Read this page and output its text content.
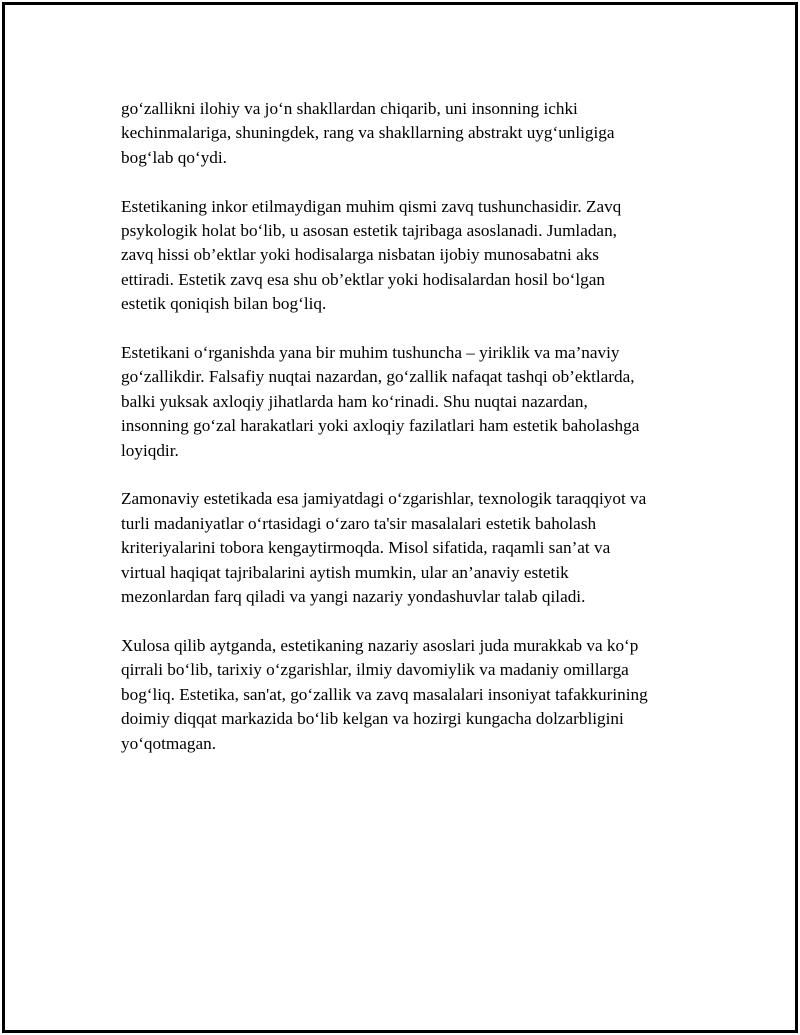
go‘zallikni ilohiy va jo‘n shakllardan chiqarib, uni insonning ichki
kechinmalariga, shuningdek, rang va shakllarning abstrakt uyg‘unligiga
bog‘lab qo‘ydi.

Estetikaning inkor etilmaydigan muhim qismi zavq tushunchasidir. Zavq
psykologik holat bo‘lib, u asosan estetik tajribaga asoslanadi. Jumladan,
zavq hissi ob’ektlar yoki hodisalarga nisbatan ijobiy munosabatni aks
ettiradi. Estetik zavq esa shu ob’ektlar yoki hodisalardan hosil bo‘lgan
estetik qoniqish bilan bog‘liq.

Estetikani o‘rganishda yana bir muhim tushuncha – yiriklik va ma’naviy
go‘zallikdir. Falsafiy nuqtai nazardan, go‘zallik nafaqat tashqi ob’ektlarda,
balki yuksak axloqiy jihatlarda ham ko‘rinadi. Shu nuqtai nazardan,
insonning go‘zal harakatlari yoki axloqiy fazilatlari ham estetik baholashga
loyiqdir.

Zamonaviy estetikada esa jamiyatdagi o‘zgarishlar, texnologik taraqqiyot va
turli madaniyatlar o‘rtasidagi o‘zaro ta'sir masalalari estetik baholash
kriteriyalarini tobora kengaytirmoqda. Misol sifatida, raqamli san’at va
virtual haqiqat tajribalarini aytish mumkin, ular an’anaviy estetik
mezonlardan farq qiladi va yangi nazariy yondashuvlar talab qiladi.

Xulosa qilib aytganda, estetikaning nazariy asoslari juda murakkab va ko‘p
qirrali bo‘lib, tarixiy o‘zgarishlar, ilmiy davomiylik va madaniy omillarga
bog‘liq. Estetika, san'at, go‘zallik va zavq masalalari insoniyat tafakkurining
doimiy diqqat markazida bo‘lib kelgan va hozirgi kungacha dolzarbligini
yo‘qotmagan.
